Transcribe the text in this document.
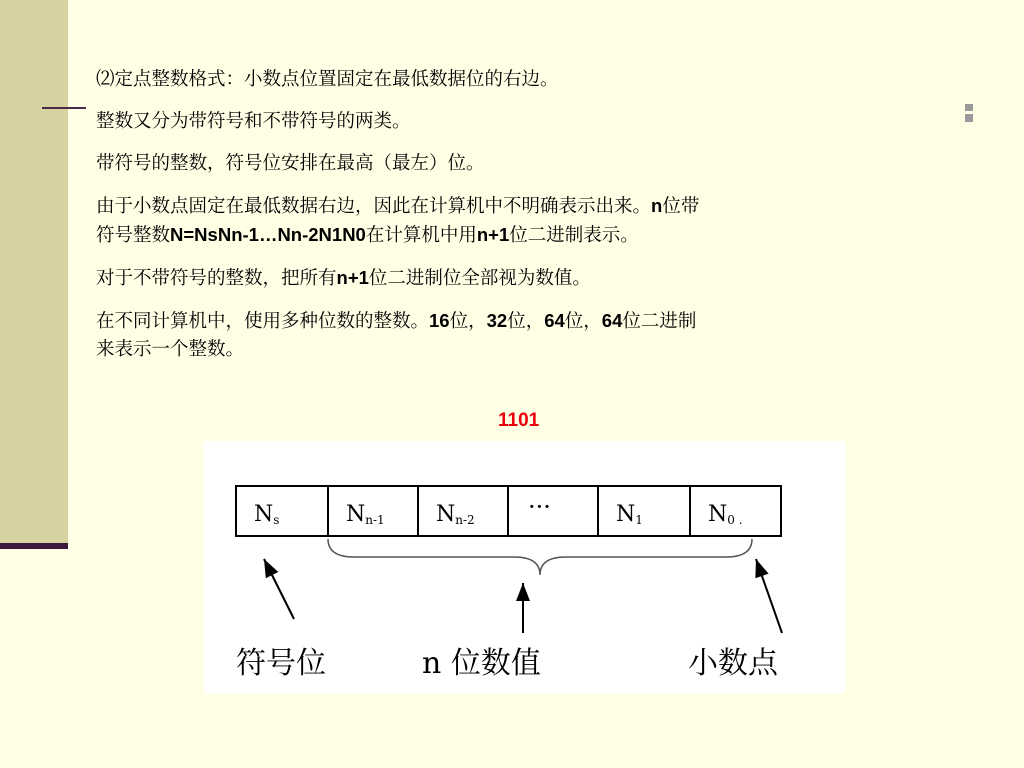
⑵定点整数格式：小数点位置固定在最低数据位的右边。

整数又分为带符号和不带符号的两类。

带符号的整数，符号位安排在最高（最左）位。

由于小数点固定在最低数据右边，因此在计算机中不明确表示出来。n位带
符号整数N=NsNn-1…Nn-2N1N0在计算机中用n+1位二进制表示。

对于不带符号的整数，把所有n+1位二进制位全部视为数值。

在不同计算机中，使用多种位数的整数。16位，32位，64位，64位二进制
来表示一个整数。

1101
Ns	Nn-1 Nn-2 ···	N1	N0 .
符号位	n 位数值	小数点
